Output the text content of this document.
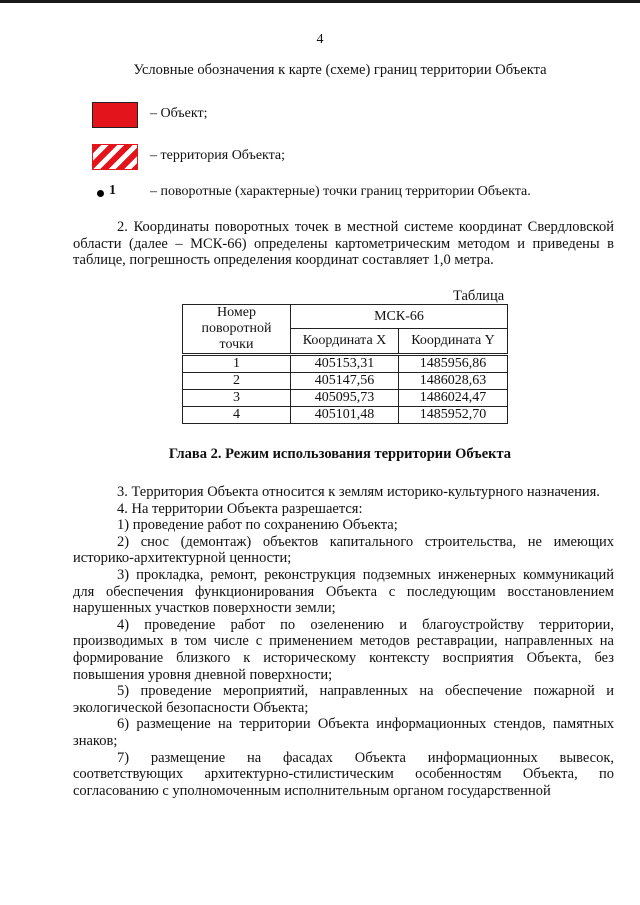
4
Условные обозначения к карте (схеме) границ территории Объекта
– Объект;
– территория Объекта;
1 – поворотные (характерные) точки границ территории Объекта.

2. Координаты поворотных точек в местной системе координат Свердловской области (далее – МСК-66) определены картометрическим методом и приведены в таблице, погрешность определения координат составляет 1,0 метра.

Таблица
Номер поворотной точки	МСК-66	
	Координата X	Координата Y
1	405153,31	1485956,86
2	405147,56	1486028,63
3	405095,73	1486024,47
4	405101,48	1485952,70
Глава 2. Режим использования территории Объекта

3. Территория Объекта относится к землям историко-культурного назначения.

4. На территории Объекта разрешается:

1) проведение работ по сохранению Объекта;

2) снос (демонтаж) объектов капитального строительства, не имеющих историко-архитектурной ценности;

3) прокладка, ремонт, реконструкция подземных инженерных коммуникаций для обеспечения функционирования Объекта с последующим восстановлением нарушенных участков поверхности земли;

4) проведение работ по озеленению и благоустройству территории, производимых в том числе с применением методов реставрации, направленных на формирование близкого к историческому контексту восприятия Объекта, без повышения уровня дневной поверхности;

5) проведение мероприятий, направленных на обеспечение пожарной и экологической безопасности Объекта;

6) размещение на территории Объекта информационных стендов, памятных знаков;

7) размещение на фасадах Объекта информационных вывесок, соответствующих архитектурно-стилистическим особенностям Объекта, по согласованию с уполномоченным исполнительным органом государственной
